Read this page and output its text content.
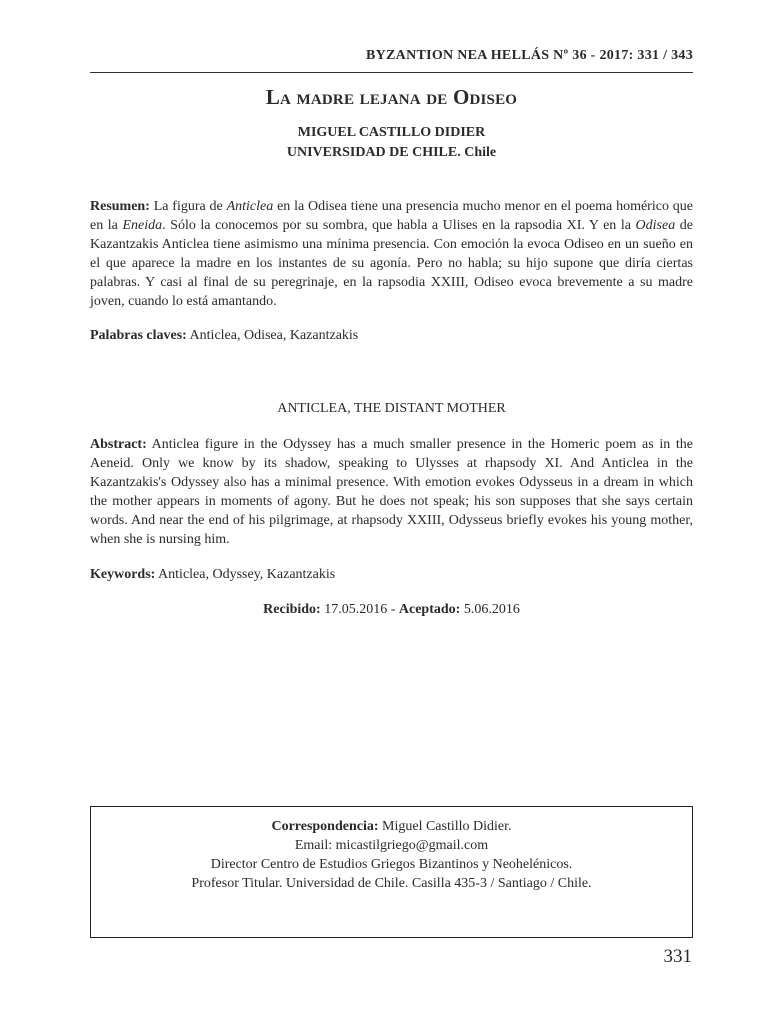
BYZANTION NEA HELLÁS Nº 36 - 2017: 331 / 343
La madre lejana de Odiseo
MIGUEL CASTILLO DIDIER
UNIVERSIDAD DE CHILE. Chile
Resumen: La figura de Anticlea en la Odisea tiene una presencia mucho menor en el poema homérico que en la Eneida. Sólo la conocemos por su sombra, que habla a Ulises en la rapsodia XI. Y en la Odisea de Kazantzakis Anticlea tiene asimismo una mínima presencia. Con emoción la evoca Odiseo en un sueño en el que aparece la madre en los instantes de su agonía. Pero no habla; su hijo supone que diría ciertas palabras. Y casi al final de su peregrinaje, en la rapsodia XXIII, Odiseo evoca brevemente a su madre joven, cuando lo está amantando.
Palabras claves: Anticlea, Odisea, Kazantzakis
ANTICLEA, THE DISTANT MOTHER
Abstract: Anticlea figure in the Odyssey has a much smaller presence in the Homeric poem as in the Aeneid. Only we know by its shadow, speaking to Ulysses at rhapsody XI. And Anticlea in the Kazantzakis's Odyssey also has a minimal presence. With emotion evokes Odysseus in a dream in which the mother appears in moments of agony. But he does not speak; his son supposes that she says certain words. And near the end of his pilgrimage, at rhapsody XXIII, Odysseus briefly evokes his young mother, when she is nursing him.
Keywords: Anticlea, Odyssey, Kazantzakis
Recibido: 17.05.2016 - Aceptado: 5.06.2016
Correspondencia: Miguel Castillo Didier.
Email: micastilgriego@gmail.com
Director Centro de Estudios Griegos Bizantinos y Neohelénicos.
Profesor Titular. Universidad de Chile. Casilla 435-3 / Santiago / Chile.
331
